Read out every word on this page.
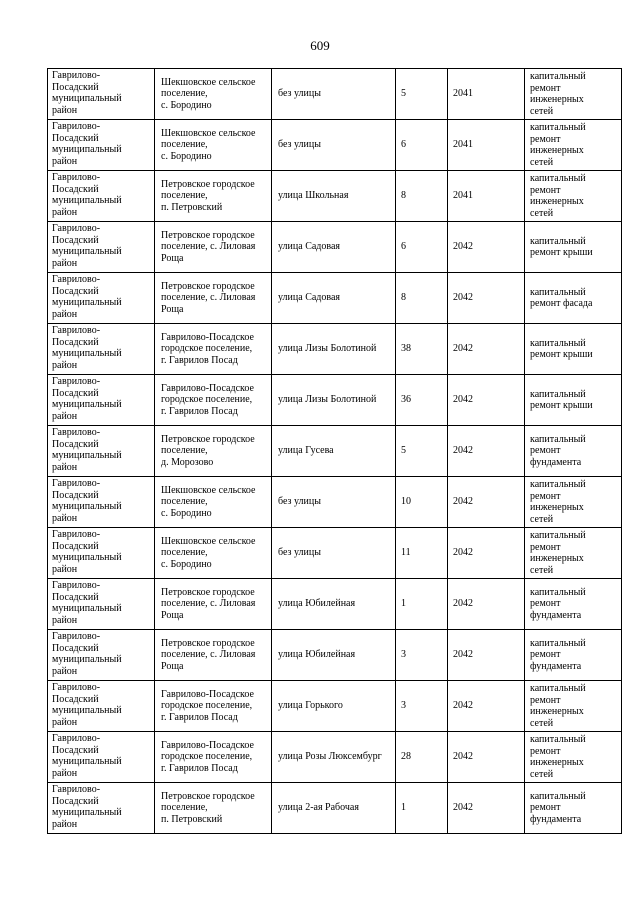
609
Гаврилово-
Посадский
муниципальный
район	Шекшовское сельское
поселение,
с. Бородино	без улицы	5	2041	капитальный
ремонт
инженерных
сетей
Гаврилово-
Посадский
муниципальный
район	Шекшовское сельское
поселение,
с. Бородино	без улицы	6	2041	капитальный
ремонт
инженерных
сетей
Гаврилово-
Посадский
муниципальный
район	Петровское городское
поселение,
п. Петровский	улица Школьная	8	2041	капитальный
ремонт
инженерных
сетей
Гаврилово-
Посадский
муниципальный
район	Петровское городское
поселение, с. Лиловая
Роща	улица Садовая	6	2042	капитальный
ремонт крыши
Гаврилово-
Посадский
муниципальный
район	Петровское городское
поселение, с. Лиловая
Роща	улица Садовая	8	2042	капитальный
ремонт фасада
Гаврилово-
Посадский
муниципальный
район	Гаврилово-Посадское
городское поселение,
г. Гаврилов Посад	улица Лизы Болотиной	38	2042	капитальный
ремонт крыши
Гаврилово-
Посадский
муниципальный
район	Гаврилово-Посадское
городское поселение,
г. Гаврилов Посад	улица Лизы Болотиной	36	2042	капитальный
ремонт крыши
Гаврилово-
Посадский
муниципальный
район	Петровское городское
поселение,
д. Морозово	улица Гусева	5	2042	капитальный
ремонт
фундамента
Гаврилово-
Посадский
муниципальный
район	Шекшовское сельское
поселение,
с. Бородино	без улицы	10	2042	капитальный
ремонт
инженерных
сетей
Гаврилово-
Посадский
муниципальный
район	Шекшовское сельское
поселение,
с. Бородино	без улицы	11	2042	капитальный
ремонт
инженерных
сетей
Гаврилово-
Посадский
муниципальный
район	Петровское городское
поселение, с. Лиловая
Роща	улица Юбилейная	1	2042	капитальный
ремонт
фундамента
Гаврилово-
Посадский
муниципальный
район	Петровское городское
поселение, с. Лиловая
Роща	улица Юбилейная	3	2042	капитальный
ремонт
фундамента
Гаврилово-
Посадский
муниципальный
район	Гаврилово-Посадское
городское поселение,
г. Гаврилов Посад	улица Горького	3	2042	капитальный
ремонт
инженерных
сетей
Гаврилово-
Посадский
муниципальный
район	Гаврилово-Посадское
городское поселение,
г. Гаврилов Посад	улица Розы Люксембург	28	2042	капитальный
ремонт
инженерных
сетей
Гаврилово-
Посадский
муниципальный
район	Петровское городское
поселение,
п. Петровский	улица 2-ая Рабочая	1	2042	капитальный
ремонт
фундамента
